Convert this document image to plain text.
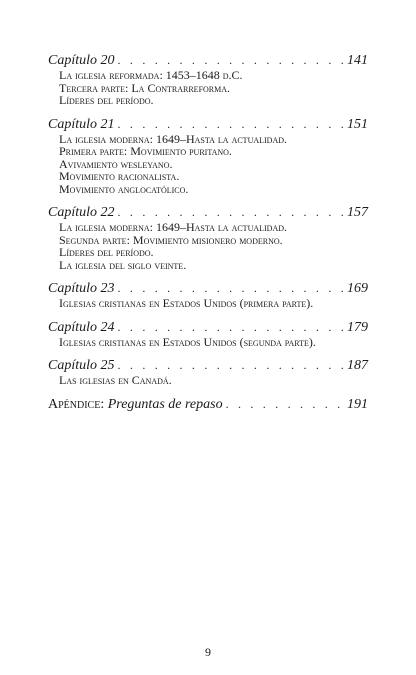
Capítulo 20 . . .	141
La iglesia reformada: 1453–1648 d.C.
Tercera parte: La Contrarreforma.
Líderes del período.
Capítulo 21 . . .	151
La iglesia moderna: 1649–Hasta la actualidad.
Primera parte: Movimiento puritano.
Avivamiento wesleyano.
Movimiento racionalista.
Movimiento anglocatólico.
Capítulo 22 . . .	157
La iglesia moderna: 1649–Hasta la actualidad.
Segunda parte: Movimiento misionero moderno.
Líderes del período.
La iglesia del siglo veinte.
Capítulo 23 . . .	169
Iglesias cristianas en Estados Unidos (primera parte).
Capítulo 24 . . .	179
Iglesias cristianas en Estados Unidos (segunda parte).
Capítulo 25 . . .	187
Las iglesias en Canadá.
Apéndice:
Preguntas de repaso . . .	191
9
